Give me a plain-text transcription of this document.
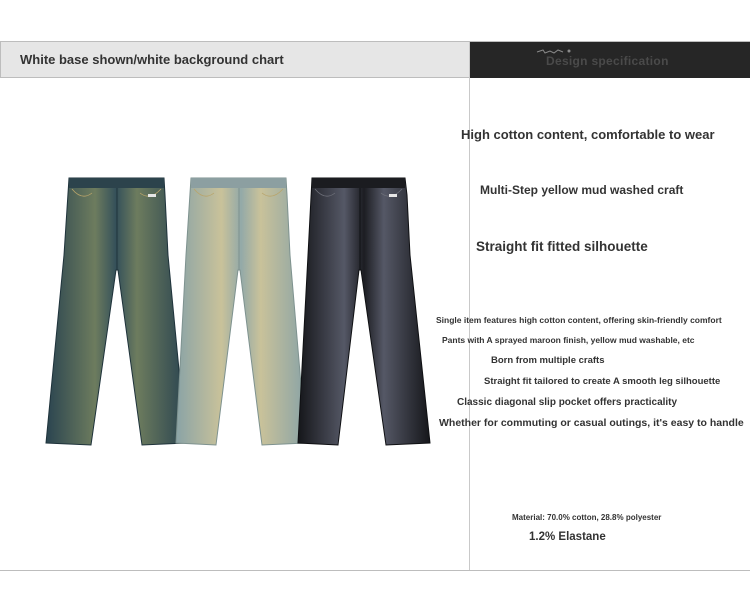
White base shown/white background chart	Design specification
High cotton content, comfortable to wear
Multi-Step yellow mud washed craft
Straight fit fitted silhouette
Single item features high cotton content, offering skin-friendly comfort
Pants with A sprayed maroon finish, yellow mud washable, etc
Born from multiple crafts
Straight fit tailored to create A smooth leg silhouette
Classic diagonal slip pocket offers practicality
Whether for commuting or casual outings, it's easy to handle
Material: 70.0% cotton, 28.8% polyester
1.2% Elastane
